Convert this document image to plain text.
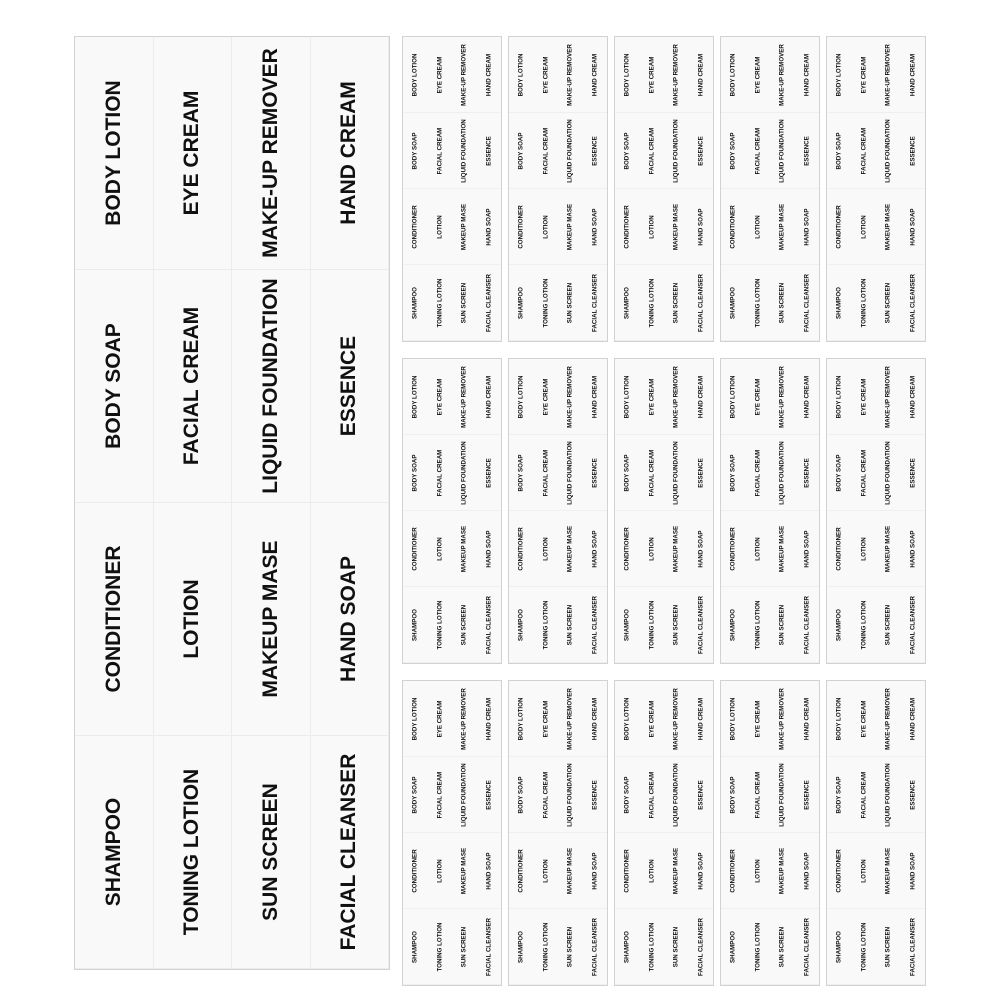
BODY LOTION	EYE CREAM	MAKE-UP REMOVER	HAND CREAM
BODY SOAP	FACIAL CREAM	LIQUID FOUNDATION	ESSENCE
CONDITIONER	LOTION	MAKEUP MASE	HAND SOAP
SHAMPOO	TONING LOTION	SUN SCREEN	FACIAL CLEANSER
BODY LOTION	EYE CREAM	MAKE-UP REMOVER	HAND CREAM
BODY SOAP	FACIAL CREAM	LIQUID FOUNDATION	ESSENCE
CONDITIONER	LOTION	MAKEUP MASE	HAND SOAP
SHAMPOO	TONING LOTION	SUN SCREEN	FACIAL CLEANSER
BODY LOTION	EYE CREAM	MAKE-UP REMOVER	HAND CREAM
BODY SOAP	FACIAL CREAM	LIQUID FOUNDATION	ESSENCE
CONDITIONER	LOTION	MAKEUP MASE	HAND SOAP
SHAMPOO	TONING LOTION	SUN SCREEN	FACIAL CLEANSER
BODY LOTION	EYE CREAM	MAKE-UP REMOVER	HAND CREAM
BODY SOAP	FACIAL CREAM	LIQUID FOUNDATION	ESSENCE
CONDITIONER	LOTION	MAKEUP MASE	HAND SOAP
SHAMPOO	TONING LOTION	SUN SCREEN	FACIAL CLEANSER
BODY LOTION	EYE CREAM	MAKE-UP REMOVER	HAND CREAM
BODY SOAP	FACIAL CREAM	LIQUID FOUNDATION	ESSENCE
CONDITIONER	LOTION	MAKEUP MASE	HAND SOAP
SHAMPOO	TONING LOTION	SUN SCREEN	FACIAL CLEANSER
BODY LOTION	EYE CREAM	MAKE-UP REMOVER	HAND CREAM
BODY SOAP	FACIAL CREAM	LIQUID FOUNDATION	ESSENCE
CONDITIONER	LOTION	MAKEUP MASE	HAND SOAP
SHAMPOO	TONING LOTION	SUN SCREEN	FACIAL CLEANSER
BODY LOTION	EYE CREAM	MAKE-UP REMOVER	HAND CREAM
BODY SOAP	FACIAL CREAM	LIQUID FOUNDATION	ESSENCE
CONDITIONER	LOTION	MAKEUP MASE	HAND SOAP
SHAMPOO	TONING LOTION	SUN SCREEN	FACIAL CLEANSER
BODY LOTION	EYE CREAM	MAKE-UP REMOVER	HAND CREAM
BODY SOAP	FACIAL CREAM	LIQUID FOUNDATION	ESSENCE
CONDITIONER	LOTION	MAKEUP MASE	HAND SOAP
SHAMPOO	TONING LOTION	SUN SCREEN	FACIAL CLEANSER
BODY LOTION	EYE CREAM	MAKE-UP REMOVER	HAND CREAM
BODY SOAP	FACIAL CREAM	LIQUID FOUNDATION	ESSENCE
CONDITIONER	LOTION	MAKEUP MASE	HAND SOAP
SHAMPOO	TONING LOTION	SUN SCREEN	FACIAL CLEANSER
BODY LOTION	EYE CREAM	MAKE-UP REMOVER	HAND CREAM
BODY SOAP	FACIAL CREAM	LIQUID FOUNDATION	ESSENCE
CONDITIONER	LOTION	MAKEUP MASE	HAND SOAP
SHAMPOO	TONING LOTION	SUN SCREEN	FACIAL CLEANSER
BODY LOTION	EYE CREAM	MAKE-UP REMOVER	HAND CREAM
BODY SOAP	FACIAL CREAM	LIQUID FOUNDATION	ESSENCE
CONDITIONER	LOTION	MAKEUP MASE	HAND SOAP
SHAMPOO	TONING LOTION	SUN SCREEN	FACIAL CLEANSER
BODY LOTION	EYE CREAM	MAKE-UP REMOVER	HAND CREAM
BODY SOAP	FACIAL CREAM	LIQUID FOUNDATION	ESSENCE
CONDITIONER	LOTION	MAKEUP MASE	HAND SOAP
SHAMPOO	TONING LOTION	SUN SCREEN	FACIAL CLEANSER
BODY LOTION	EYE CREAM	MAKE-UP REMOVER	HAND CREAM
BODY SOAP	FACIAL CREAM	LIQUID FOUNDATION	ESSENCE
CONDITIONER	LOTION	MAKEUP MASE	HAND SOAP
SHAMPOO	TONING LOTION	SUN SCREEN	FACIAL CLEANSER
BODY LOTION	EYE CREAM	MAKE-UP REMOVER	HAND CREAM
BODY SOAP	FACIAL CREAM	LIQUID FOUNDATION	ESSENCE
CONDITIONER	LOTION	MAKEUP MASE	HAND SOAP
SHAMPOO	TONING LOTION	SUN SCREEN	FACIAL CLEANSER
BODY LOTION	EYE CREAM	MAKE-UP REMOVER	HAND CREAM
BODY SOAP	FACIAL CREAM	LIQUID FOUNDATION	ESSENCE
CONDITIONER	LOTION	MAKEUP MASE	HAND SOAP
SHAMPOO	TONING LOTION	SUN SCREEN	FACIAL CLEANSER
BODY LOTION	EYE CREAM	MAKE-UP REMOVER	HAND CREAM
BODY SOAP	FACIAL CREAM	LIQUID FOUNDATION	ESSENCE
CONDITIONER	LOTION	MAKEUP MASE	HAND SOAP
SHAMPOO	TONING LOTION	SUN SCREEN	FACIAL CLEANSER
